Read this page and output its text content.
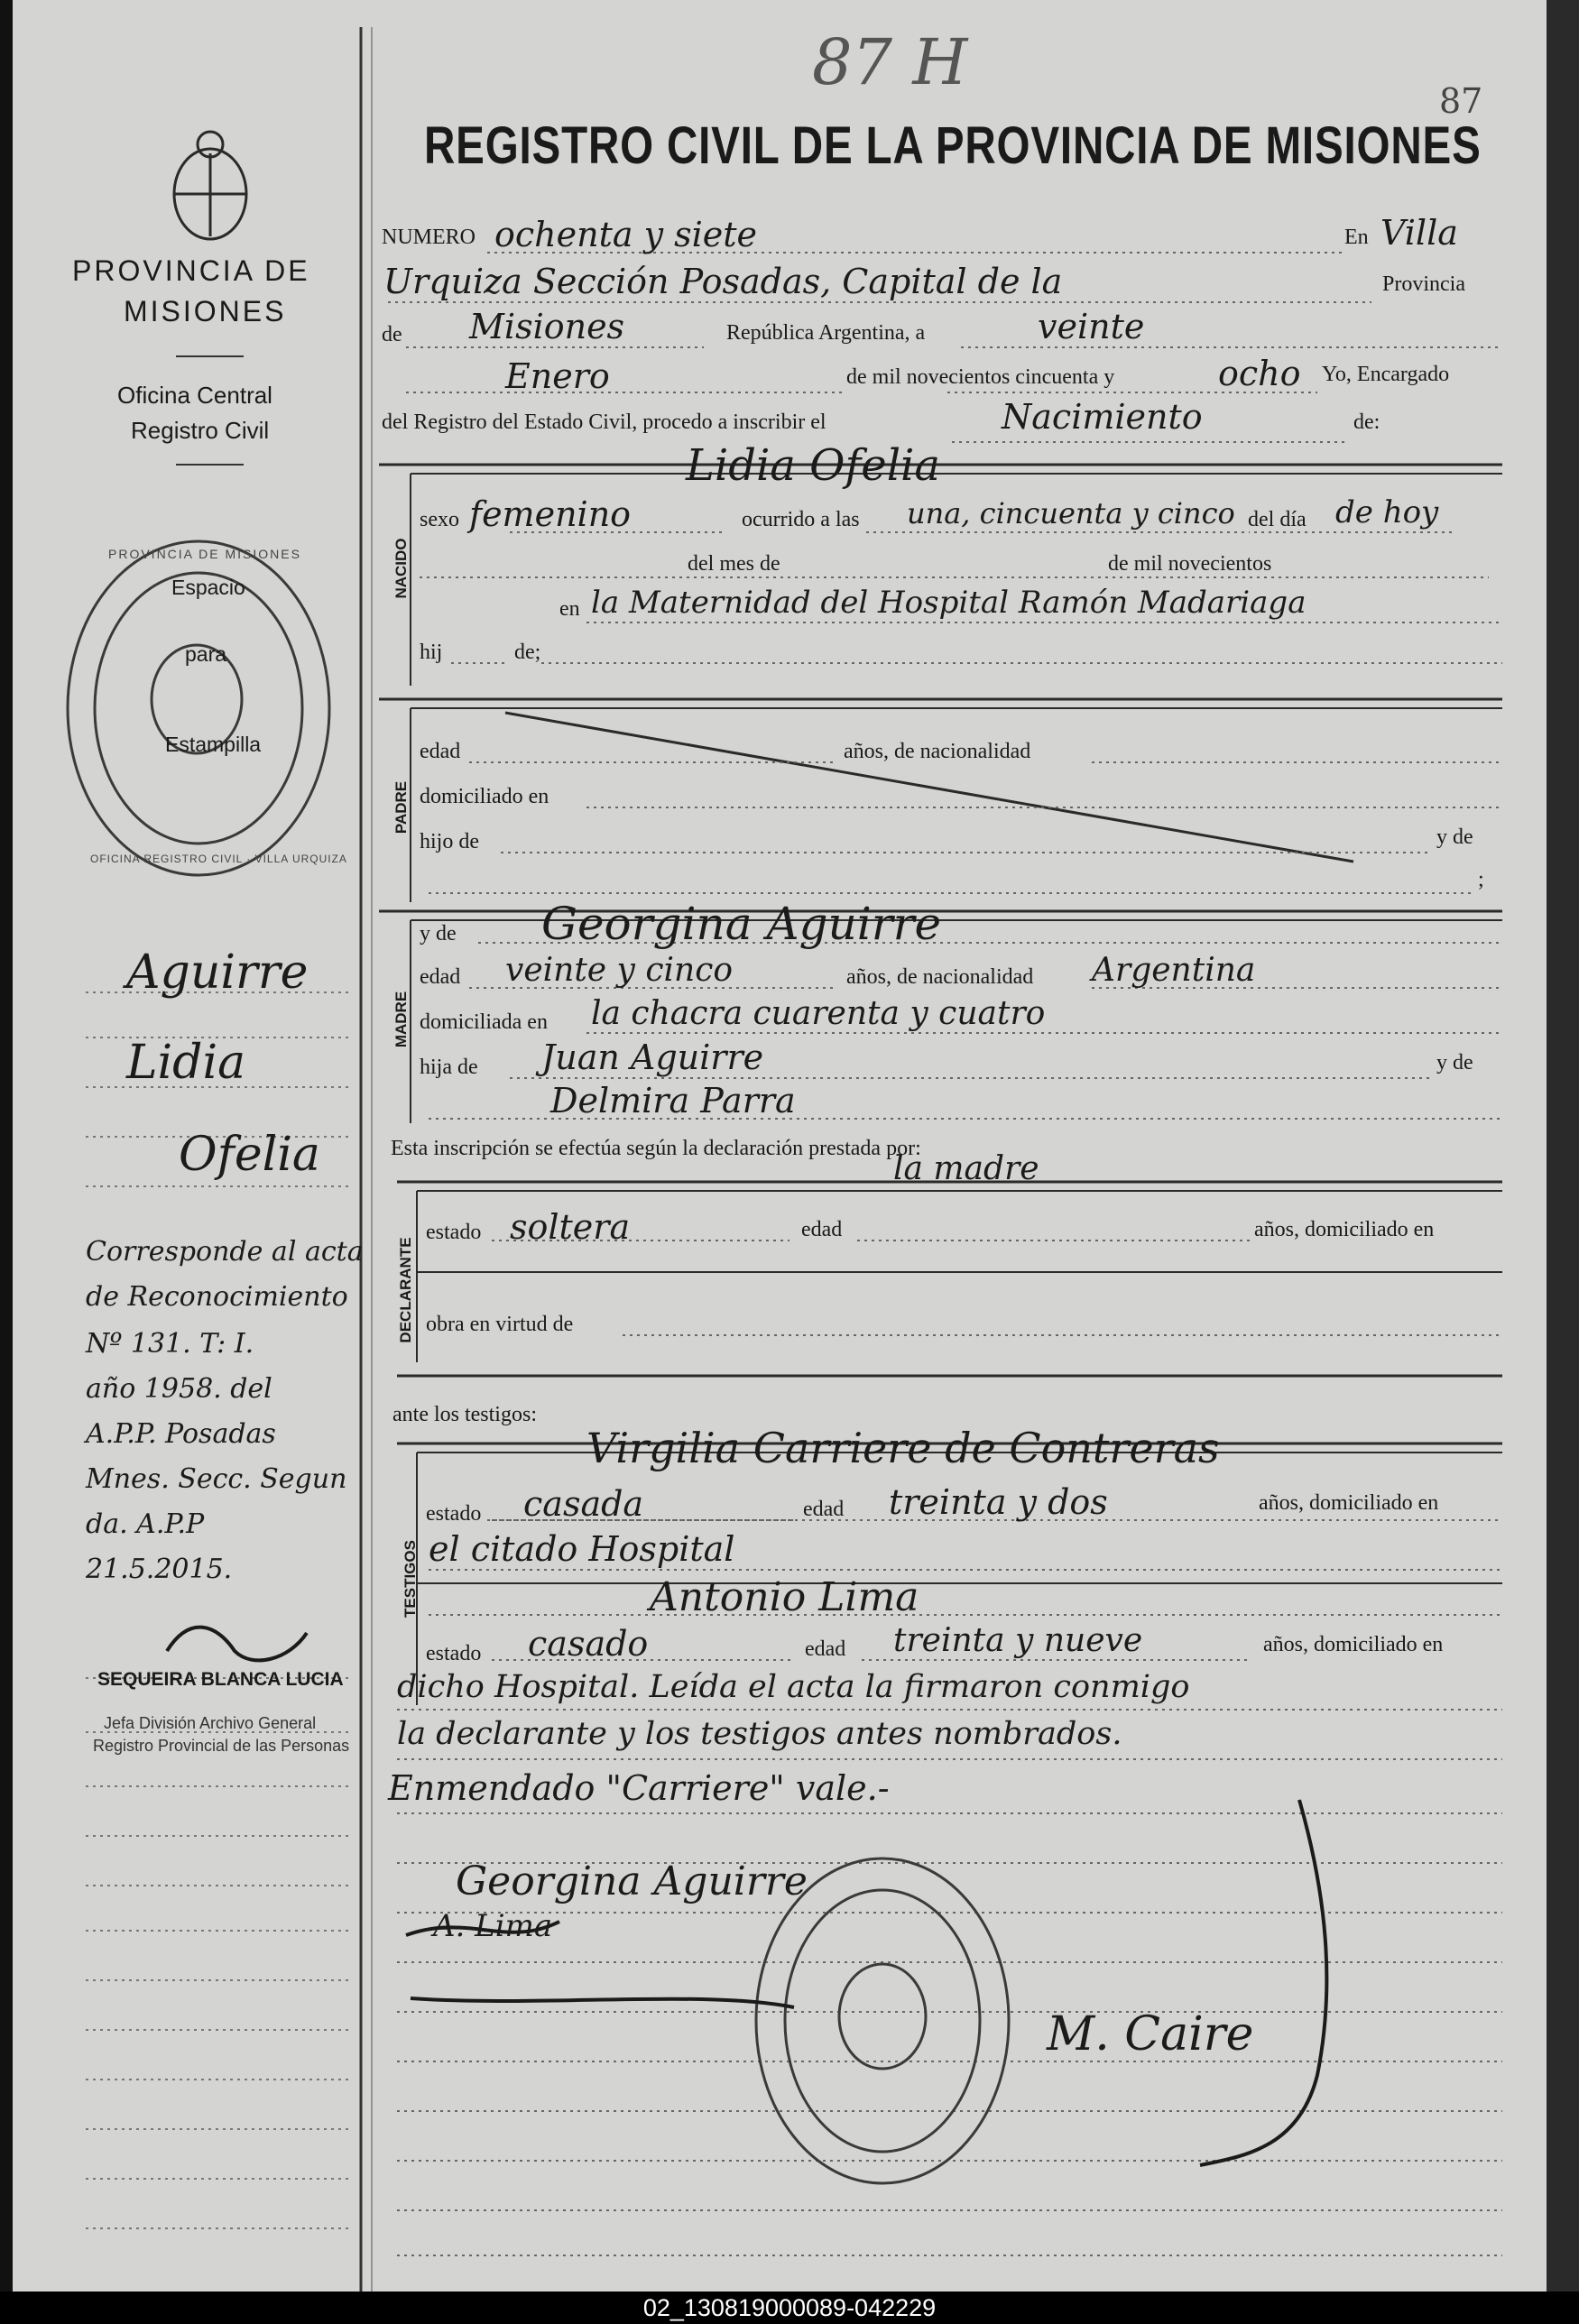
87 H
87
REGISTRO CIVIL DE LA PROVINCIA DE MISIONES
PROVINCIA DE
MISIONES
Oficina Central
Registro Civil
Espacio
para
Estampilla
PROVINCIA DE MISIONES
OFICINA REGISTRO CIVIL · VILLA URQUIZA
Aguirre
Lidia
Ofelia
Corresponde al acta
de Reconocimiento
Nº 131. T: I.
año 1958. del
A.P.P. Posadas
Mnes. Secc. Segun
da. A.P.P
21.5.2015.
SEQUEIRA BLANCA LUCIA
Jefa División Archivo General
Registro Provincial de las Personas
NUMERO ochenta y siete	En Villa
Urquiza Sección Posadas, Capital de la	Provincia
de Misiones	República Argentina, a	veinte
Enero	de mil novecientos cincuenta y	ocho Yo, Encargado
del Registro del Estado Civil, procedo a inscribir el	Nacimiento	de:
NACIDO
Lidia Ofelia
sexo femenino	ocurrido a las una, cincuenta y cinco del día de hoy
del mes de	de mil novecientos
en la Maternidad del Hospital Ramón Madariaga
hij	de;
PADRE
edad	años, de nacionalidad
domiciliado en
hijo de	y de
;
MADRE
y de Georgina Aguirre
edad veinte y cinco	años, de nacionalidad Argentina
domiciliada en la chacra cuarenta y cuatro
hija de Juan Aguirre	y de
Delmira Parra
Esta inscripción se efectúa según la declaración prestada por:
la madre
DECLARANTE
estado soltera	edad	años, domiciliado en
obra en virtud de
ante los testigos:
TESTIGOS
Virgilia Carriere de Contreras
estado casada	edad treinta y dos	años, domiciliado en
el citado Hospital
Antonio Lima
estado casado	edad treinta y nueve	años, domiciliado en
dicho Hospital. Leída el acta la firmaron conmigo
la declarante y los testigos antes nombrados.
Enmendado "Carriere" vale.-
Georgina Aguirre
A. Lima
M. Caire
02_130819000089-042229
